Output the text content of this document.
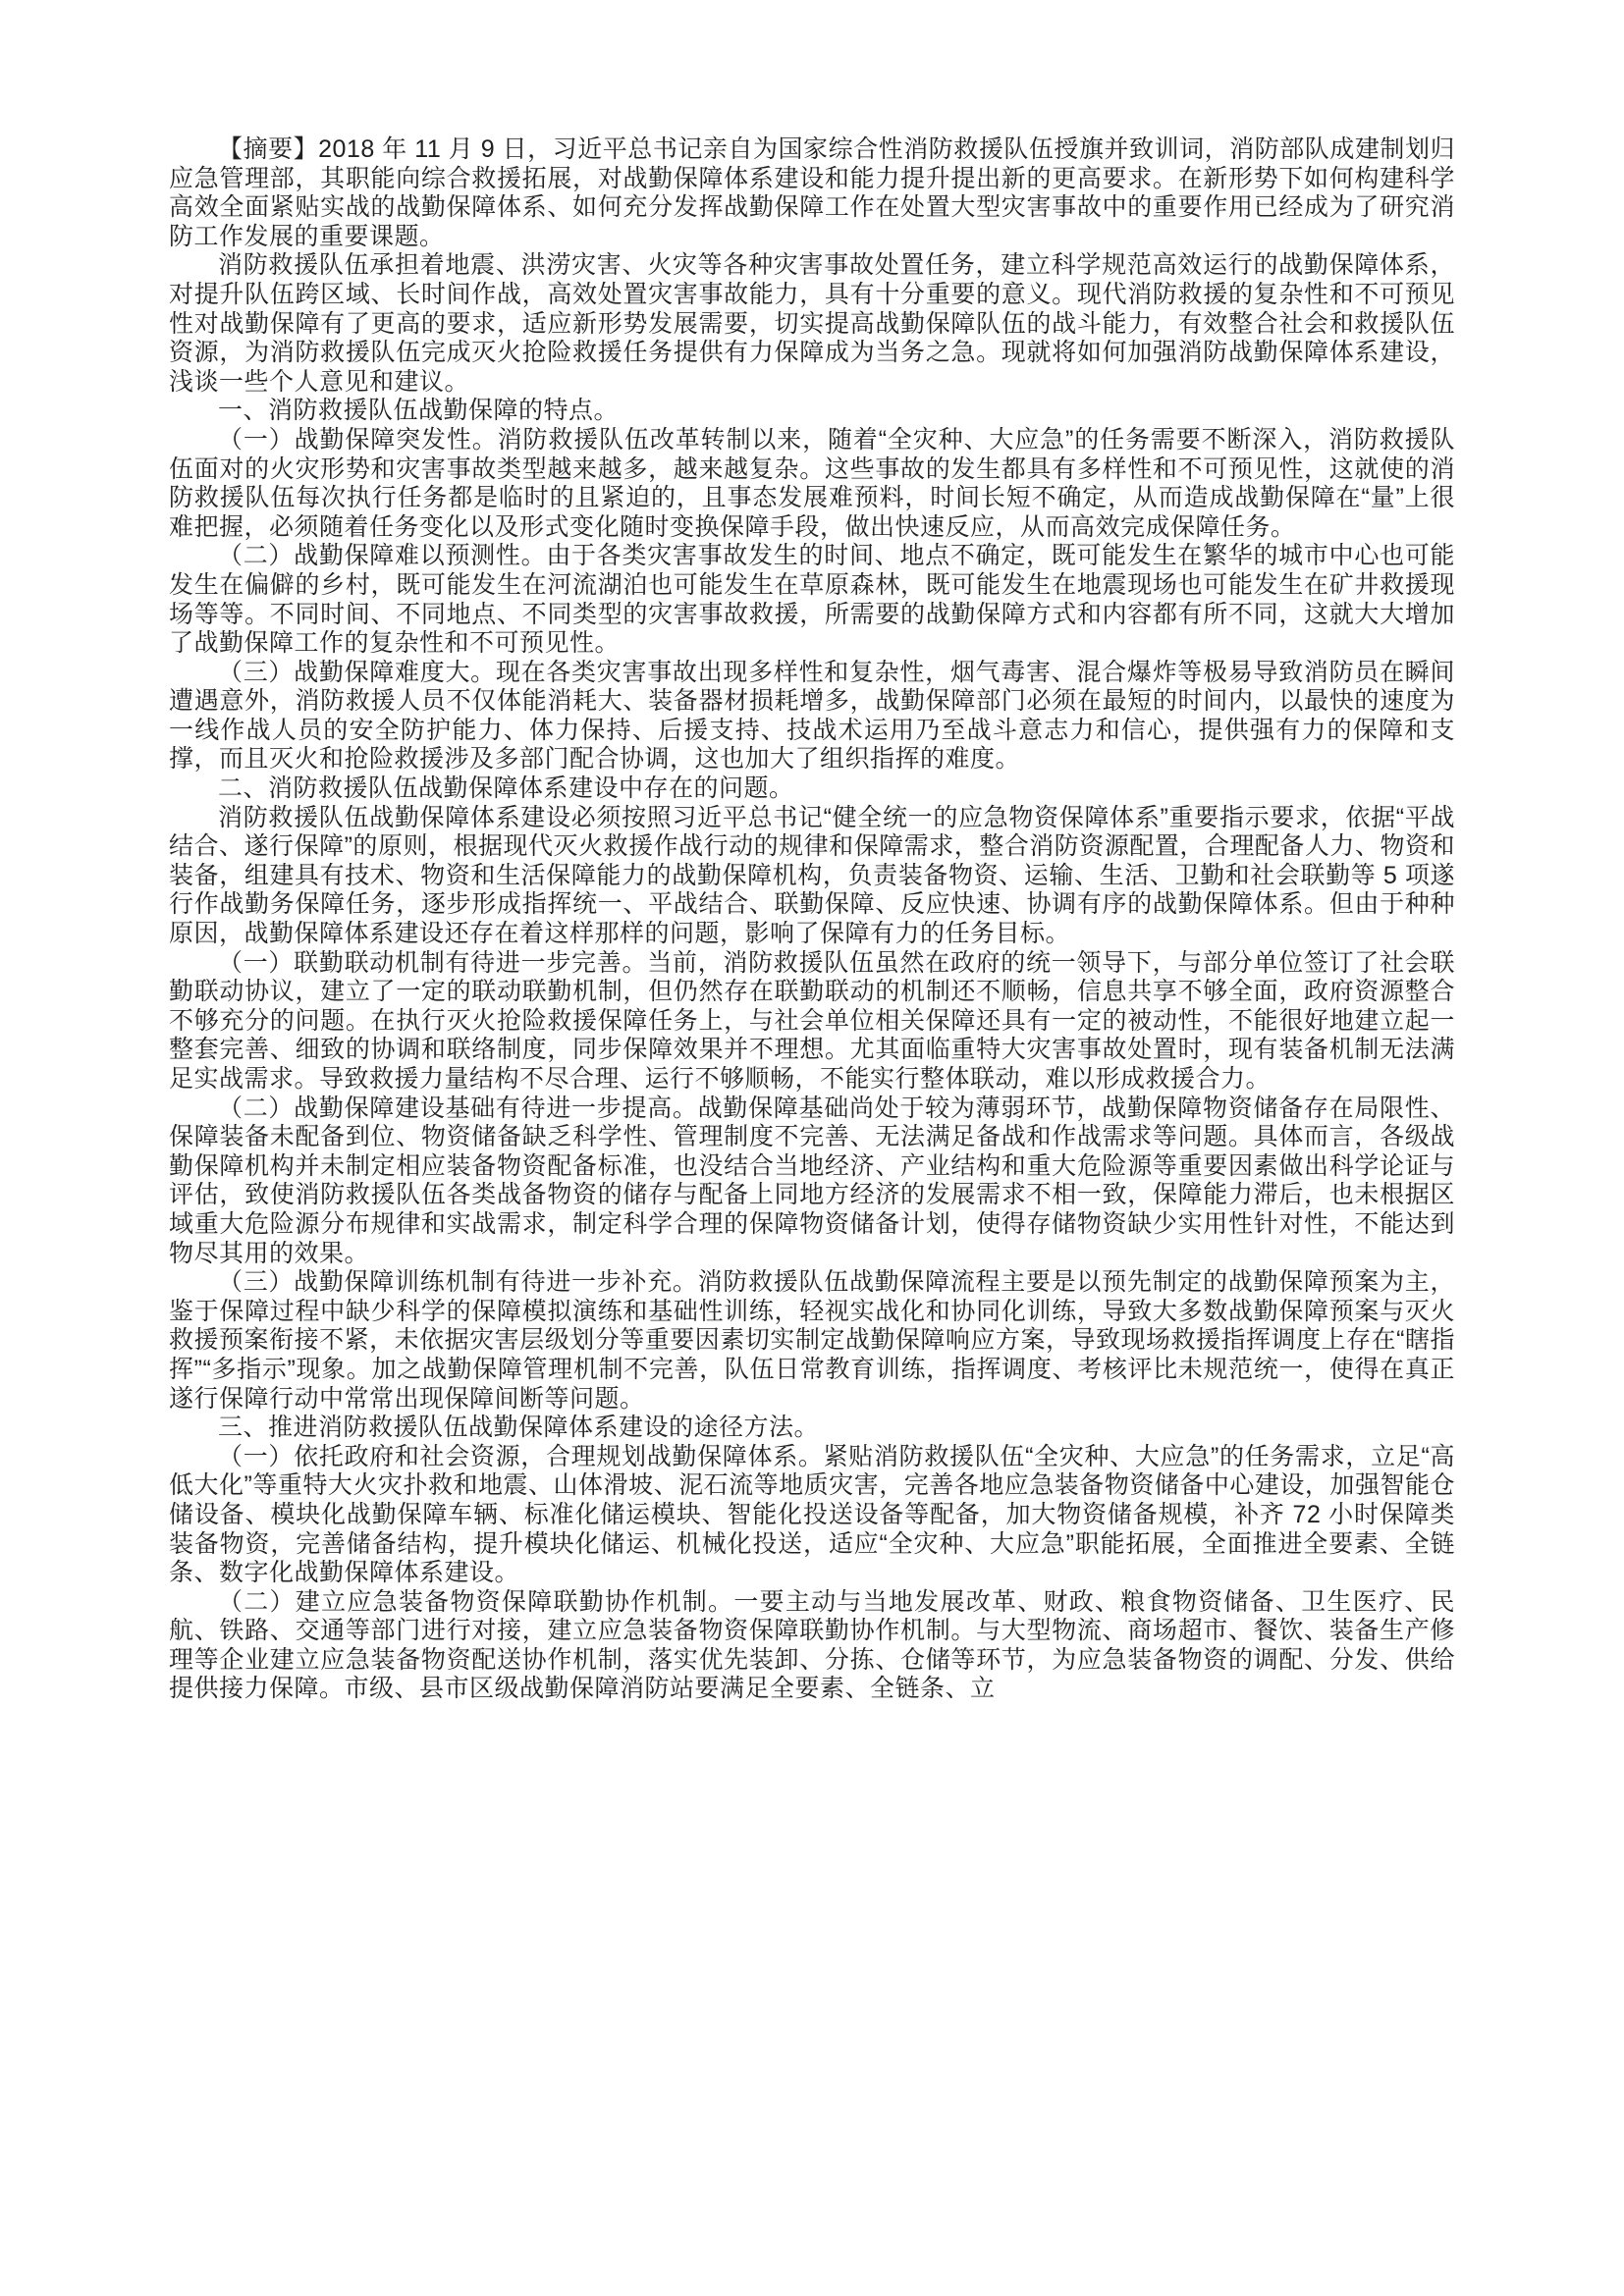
【摘要】2018 年 11 月 9 日，习近平总书记亲自为国家综合性消防救援队伍授旗并致训词，消防部队成建制划归应急管理部，其职能向综合救援拓展，对战勤保障体系建设和能力提升提出新的更高要求。在新形势下如何构建科学高效全面紧贴实战的战勤保障体系、如何充分发挥战勤保障工作在处置大型灾害事故中的重要作用已经成为了研究消防工作发展的重要课题。

消防救援队伍承担着地震、洪涝灾害、火灾等各种灾害事故处置任务，建立科学规范高效运行的战勤保障体系，对提升队伍跨区域、长时间作战，高效处置灾害事故能力，具有十分重要的意义。现代消防救援的复杂性和不可预见性对战勤保障有了更高的要求，适应新形势发展需要，切实提高战勤保障队伍的战斗能力，有效整合社会和救援队伍资源，为消防救援队伍完成灭火抢险救援任务提供有力保障成为当务之急。现就将如何加强消防战勤保障体系建设，浅谈一些个人意见和建议。

一、消防救援队伍战勤保障的特点。

（一）战勤保障突发性。消防救援队伍改革转制以来，随着“全灾种、大应急”的任务需要不断深入，消防救援队伍面对的火灾形势和灾害事故类型越来越多，越来越复杂。这些事故的发生都具有多样性和不可预见性，这就使的消防救援队伍每次执行任务都是临时的且紧迫的，且事态发展难预料，时间长短不确定，从而造成战勤保障在“量”上很难把握，必须随着任务变化以及形式变化随时变换保障手段，做出快速反应，从而高效完成保障任务。

（二）战勤保障难以预测性。由于各类灾害事故发生的时间、地点不确定，既可能发生在繁华的城市中心也可能发生在偏僻的乡村，既可能发生在河流湖泊也可能发生在草原森林，既可能发生在地震现场也可能发生在矿井救援现场等等。不同时间、不同地点、不同类型的灾害事故救援，所需要的战勤保障方式和内容都有所不同，这就大大增加了战勤保障工作的复杂性和不可预见性。

（三）战勤保障难度大。现在各类灾害事故出现多样性和复杂性，烟气毒害、混合爆炸等极易导致消防员在瞬间遭遇意外，消防救援人员不仅体能消耗大、装备器材损耗增多，战勤保障部门必须在最短的时间内，以最快的速度为一线作战人员的安全防护能力、体力保持、后援支持、技战术运用乃至战斗意志力和信心，提供强有力的保障和支撑，而且灭火和抢险救援涉及多部门配合协调，这也加大了组织指挥的难度。

二、消防救援队伍战勤保障体系建设中存在的问题。

消防救援队伍战勤保障体系建设必须按照习近平总书记“健全统一的应急物资保障体系”重要指示要求，依据“平战结合、遂行保障”的原则，根据现代灭火救援作战行动的规律和保障需求，整合消防资源配置，合理配备人力、物资和装备，组建具有技术、物资和生活保障能力的战勤保障机构，负责装备物资、运输、生活、卫勤和社会联勤等 5 项遂行作战勤务保障任务，逐步形成指挥统一、平战结合、联勤保障、反应快速、协调有序的战勤保障体系。但由于种种原因，战勤保障体系建设还存在着这样那样的问题，影响了保障有力的任务目标。

（一）联勤联动机制有待进一步完善。当前，消防救援队伍虽然在政府的统一领导下，与部分单位签订了社会联勤联动协议，建立了一定的联动联勤机制，但仍然存在联勤联动的机制还不顺畅，信息共享不够全面，政府资源整合不够充分的问题。在执行灭火抢险救援保障任务上，与社会单位相关保障还具有一定的被动性，不能很好地建立起一整套完善、细致的协调和联络制度，同步保障效果并不理想。尤其面临重特大灾害事故处置时，现有装备机制无法满足实战需求。导致救援力量结构不尽合理、运行不够顺畅，不能实行整体联动，难以形成救援合力。

（二）战勤保障建设基础有待进一步提高。战勤保障基础尚处于较为薄弱环节，战勤保障物资储备存在局限性、保障装备未配备到位、物资储备缺乏科学性、管理制度不完善、无法满足备战和作战需求等问题。具体而言，各级战勤保障机构并未制定相应装备物资配备标准，也没结合当地经济、产业结构和重大危险源等重要因素做出科学论证与评估，致使消防救援队伍各类战备物资的储存与配备上同地方经济的发展需求不相一致，保障能力滞后，也未根据区域重大危险源分布规律和实战需求，制定科学合理的保障物资储备计划，使得存储物资缺少实用性针对性，不能达到物尽其用的效果。

（三）战勤保障训练机制有待进一步补充。消防救援队伍战勤保障流程主要是以预先制定的战勤保障预案为主，鉴于保障过程中缺少科学的保障模拟演练和基础性训练，轻视实战化和协同化训练，导致大多数战勤保障预案与灭火救援预案衔接不紧，未依据灾害层级划分等重要因素切实制定战勤保障响应方案，导致现场救援指挥调度上存在“瞎指挥”“多指示”现象。加之战勤保障管理机制不完善，队伍日常教育训练，指挥调度、考核评比未规范统一，使得在真正遂行保障行动中常常出现保障间断等问题。

三、推进消防救援队伍战勤保障体系建设的途径方法。

（一）依托政府和社会资源，合理规划战勤保障体系。紧贴消防救援队伍“全灾种、大应急”的任务需求，立足“高低大化”等重特大火灾扑救和地震、山体滑坡、泥石流等地质灾害，完善各地应急装备物资储备中心建设，加强智能仓储设备、模块化战勤保障车辆、标准化储运模块、智能化投送设备等配备，加大物资储备规模，补齐 72 小时保障类装备物资，完善储备结构，提升模块化储运、机械化投送，适应“全灾种、大应急”职能拓展，全面推进全要素、全链条、数字化战勤保障体系建设。

（二）建立应急装备物资保障联勤协作机制。一要主动与当地发展改革、财政、粮食物资储备、卫生医疗、民航、铁路、交通等部门进行对接，建立应急装备物资保障联勤协作机制。与大型物流、商场超市、餐饮、装备生产修理等企业建立应急装备物资配送协作机制，落实优先装卸、分拣、仓储等环节，为应急装备物资的调配、分发、供给提供接力保障。市级、县市区级战勤保障消防站要满足全要素、全链条、立
